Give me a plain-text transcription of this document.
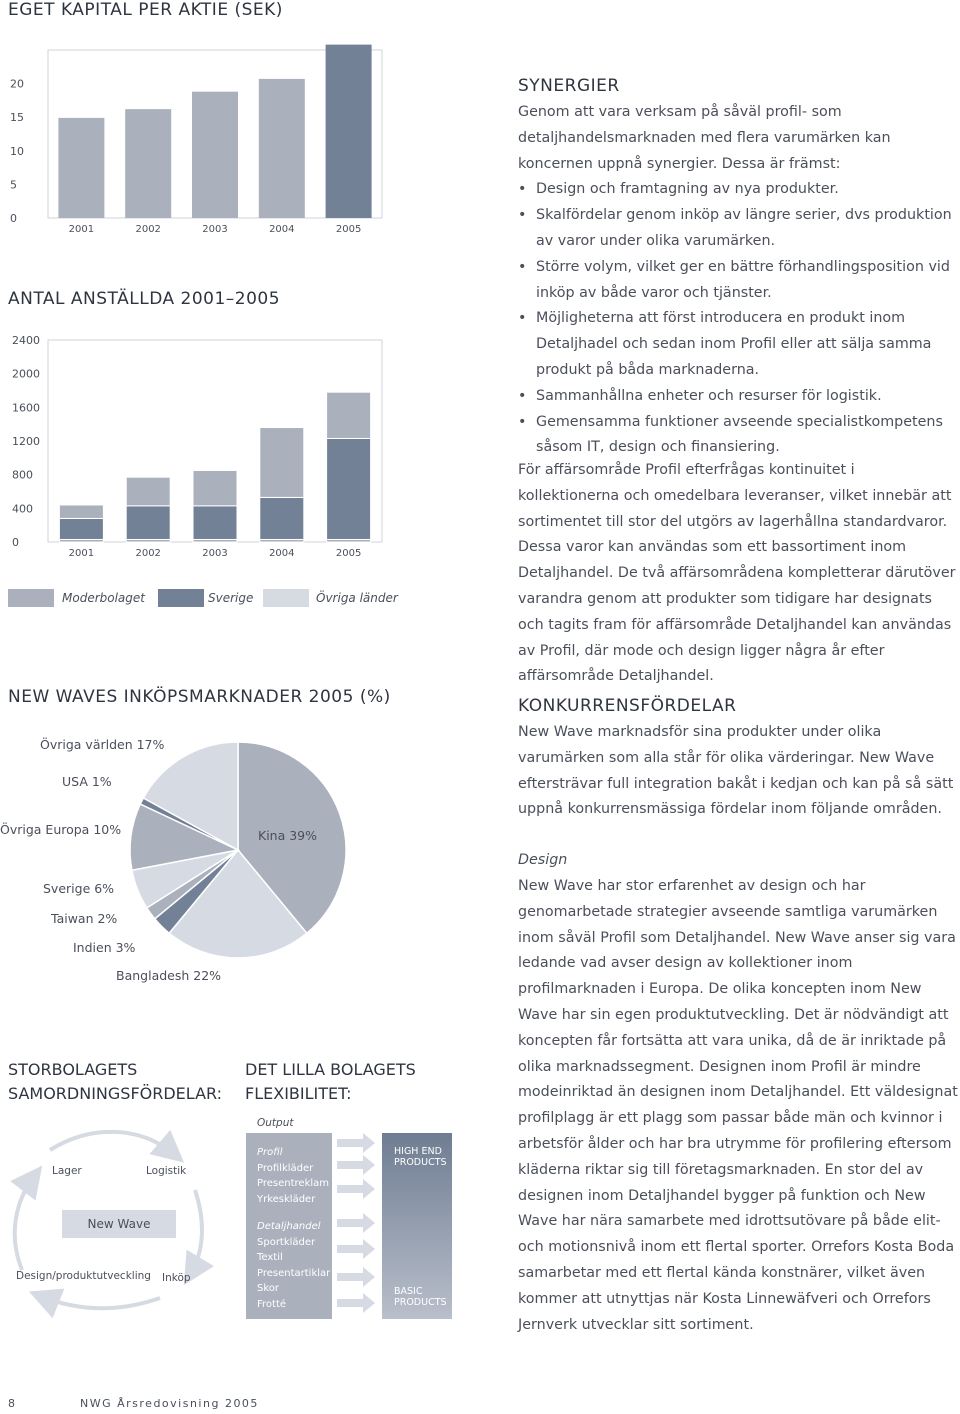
EGET KAPITAL PER AKTIE (SEK)
0
5
10
15
20
2001	2002	2003	2004	2005
ANTAL ANSTÄLLDA 2001–2005
0
400
800
1200
1600
2000
2400
2001	2002	2003	2004	2005
Moderbolaget	Sverige	Övriga länder
NEW WAVES INKÖPSMARKNADER 2005 (%)
Kina 39%
Bangladesh 22%
Indien 3%
Taiwan 2%
Sverige 6%
Övriga Europa 10%
USA 1%
Övriga världen 17%
STORBOLAGETS
SAMORDNINGSFÖRDELAR:
Lager	Logistik
New Wave
Design/produktutveckling Inköp
DET LILLA BOLAGETS
FLEXIBILITET:
Output
Profil
Profilkläder
Presentreklam
Yrkeskläder
Detaljhandel
Sportkläder
Textil
Presentartiklar
Skor
Frotté
HIGH END
PRODUCTS
BASIC
PRODUCTS
SYNERGIER

Genom att vara verksam på såväl profil- som detaljhandelsmarknaden med flera varumärken kan koncernen uppnå synergier. Dessa är främst:

• Design och framtagning av nya produkter.
• Skalfördelar genom inköp av längre serier, dvs produktion av varor under olika varumärken.
• Större volym, vilket ger en bättre förhandlingsposition vid inköp av både varor och tjänster.
• Möjligheterna att först introducera en produkt inom Detaljhadel och sedan inom Profil eller att sälja samma produkt på båda marknaderna.
• Sammanhållna enheter och resurser för logistik.
• Gemensamma funktioner avseende specialistkompetens såsom IT, design och finansiering.
För affärsområde Profil efterfrågas kontinuitet i kollektionerna och omedelbara leveranser, vilket innebär att sortimentet till stor del utgörs av lagerhållna standardvaror. Dessa varor kan användas som ett bassortiment inom Detaljhandel. De två affärsområdena kompletterar därutöver varandra genom att produkter som tidigare har designats och tagits fram för affärsområde Detaljhandel kan användas av Profil, där mode och design ligger några år efter affärsområde Detaljhandel.
KONKURRENSFÖRDELAR
New Wave marknadsför sina produkter under olika varumärken som alla står för olika värderingar. New Wave eftersträvar full integration bakåt i kedjan och kan på så sätt uppnå konkurrensmässiga fördelar inom följande områden.
Design
New Wave har stor erfarenhet av design och har genomarbetade strategier avseende samtliga varumärken inom såväl Profil som Detaljhandel. New Wave anser sig vara ledande vad avser design av kollektioner inom profilmarknaden i Europa. De olika koncepten inom New Wave har sin egen produktutveckling. Det är nödvändigt att koncepten får fortsätta att vara unika, då de är inriktade på olika marknadssegment. Designen inom Profil är mindre modeinriktad än designen inom Detaljhandel. Ett väldesignat profilplagg är ett plagg som passar både män och kvinnor i arbetsför ålder och har bra utrymme för profilering eftersom kläderna riktar sig till företagsmarknaden. En stor del av designen inom Detaljhandel bygger på funktion och New Wave har nära samarbete med idrottsutövare på både elit- och motionsnivå inom ett flertal sporter. Orrefors Kosta Boda samarbetar med ett flertal kända konstnärer, vilket även kommer att utnyttjas när Kosta Linnewäfveri och Orrefors Jernverk utvecklar sitt sortiment.
8	NWG Årsredovisning 2005
